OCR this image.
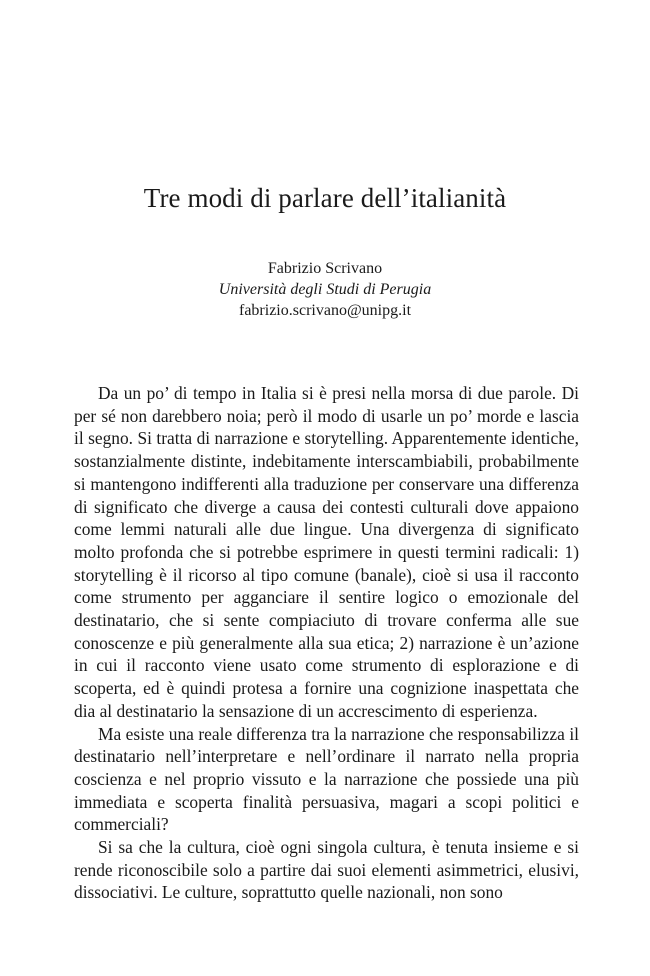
Tre modi di parlare dell’italianità
Fabrizio Scrivano
Università degli Studi di Perugia
fabrizio.scrivano@unipg.it

Da un po’ di tempo in Italia si è presi nella morsa di due parole. Di per sé non darebbero noia; però il modo di usarle un po’ morde e lascia il segno. Si tratta di narrazione e storytelling. Apparentemente identiche, sostanzialmente distinte, indebitamente interscambiabili, probabilmente si mantengono indifferenti alla traduzione per conservare una differenza di significato che diverge a causa dei contesti culturali dove appaiono come lemmi naturali alle due lingue. Una divergenza di significato molto profonda che si potrebbe esprimere in questi termini radicali: 1) storytelling è il ricorso al tipo comune (banale), cioè si usa il racconto come strumento per agganciare il sentire logico o emozionale del destinatario, che si sente compiaciuto di trovare conferma alle sue conoscenze e più generalmente alla sua etica; 2) narrazione è un’azione in cui il racconto viene usato come strumento di esplorazione e di scoperta, ed è quindi protesa a fornire una cognizione inaspettata che dia al destinatario la sensazione di un accrescimento di esperienza.

Ma esiste una reale differenza tra la narrazione che responsabilizza il destinatario nell’interpretare e nell’ordinare il narrato nella propria coscienza e nel proprio vissuto e la narrazione che possiede una più immediata e scoperta finalità persuasiva, magari a scopi politici e commerciali?

Si sa che la cultura, cioè ogni singola cultura, è tenuta insieme e si rende riconoscibile solo a partire dai suoi elementi asimmetrici, elusivi, dissociativi. Le culture, soprattutto quelle nazionali, non sono
